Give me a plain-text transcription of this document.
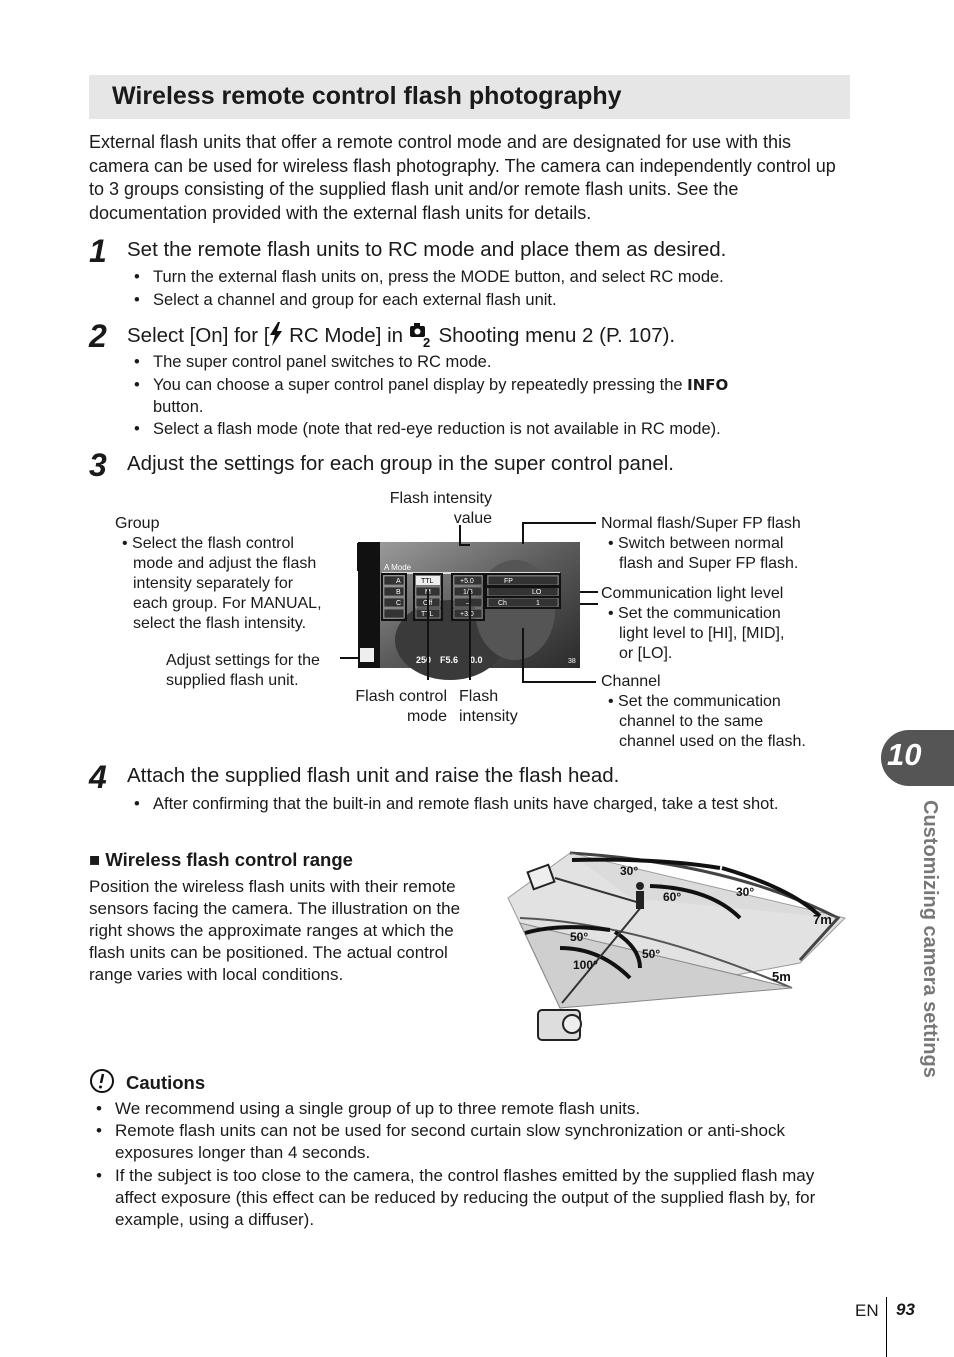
Wireless remote control flash photography
External flash units that offer a remote control mode and are designated for use with this camera can be used for wireless flash photography. The camera can independently control up to 3 groups consisting of the supplied flash unit and/or remote flash units. See the documentation provided with the external flash units for details.
1 Set the remote flash units to RC mode and place them as desired.
• Turn the external flash units on, press the MODE button, and select RC mode.
• Select a channel and group for each external flash unit.
2 Select [On] for [ RC Mode] in 2 Shooting menu 2 (P. 107).
• The super control panel switches to RC mode.
• You can choose a super control panel display by repeatedly pressing the INFO
button.
• Select a flash mode (note that red-eye reduction is not available in RC mode).
3 Adjust the settings for each group in the super control panel.
A Mode
A
B
C
TTL
M
Off
TTL
+5.0
1/8
–
+3.0
FP
LO
Ch	1
250 F5.6 0.0	38
Flash intensity
value
Group
• Select the flash control
mode and adjust the flash
intensity separately for
each group. For MANUAL,
select the flash intensity.
Adjust settings for the
supplied flash unit.
Flash control
mode
Flash
intensity
Normal flash/Super FP flash
• Switch between normal
flash and Super FP flash.
Communication light level
• Set the communication
light level to [HI], [MID],
or [LO].
Channel
• Set the communication
channel to the same
channel used on the flash.
4 Attach the supplied flash unit and raise the flash head.
• After confirming that the built-in and remote flash units have charged, take a test shot.
■ Wireless flash control range
Position the wireless flash units with their remote sensors facing the camera. The illustration on the right shows the approximate ranges at which the flash units can be positioned. The actual control range varies with local conditions.
30°
60°	30°
50°
50°
100°
7m
5m
Cautions
• We recommend using a single group of up to three remote flash units.
• Remote flash units can not be used for second curtain slow synchronization or anti-shock exposures longer than 4 seconds.
• If the subject is too close to the camera, the control flashes emitted by the supplied flash may affect exposure (this effect can be reduced by reducing the output of the supplied flash by, for example, using a diffuser).
10
Customizing camera settings
EN 93
